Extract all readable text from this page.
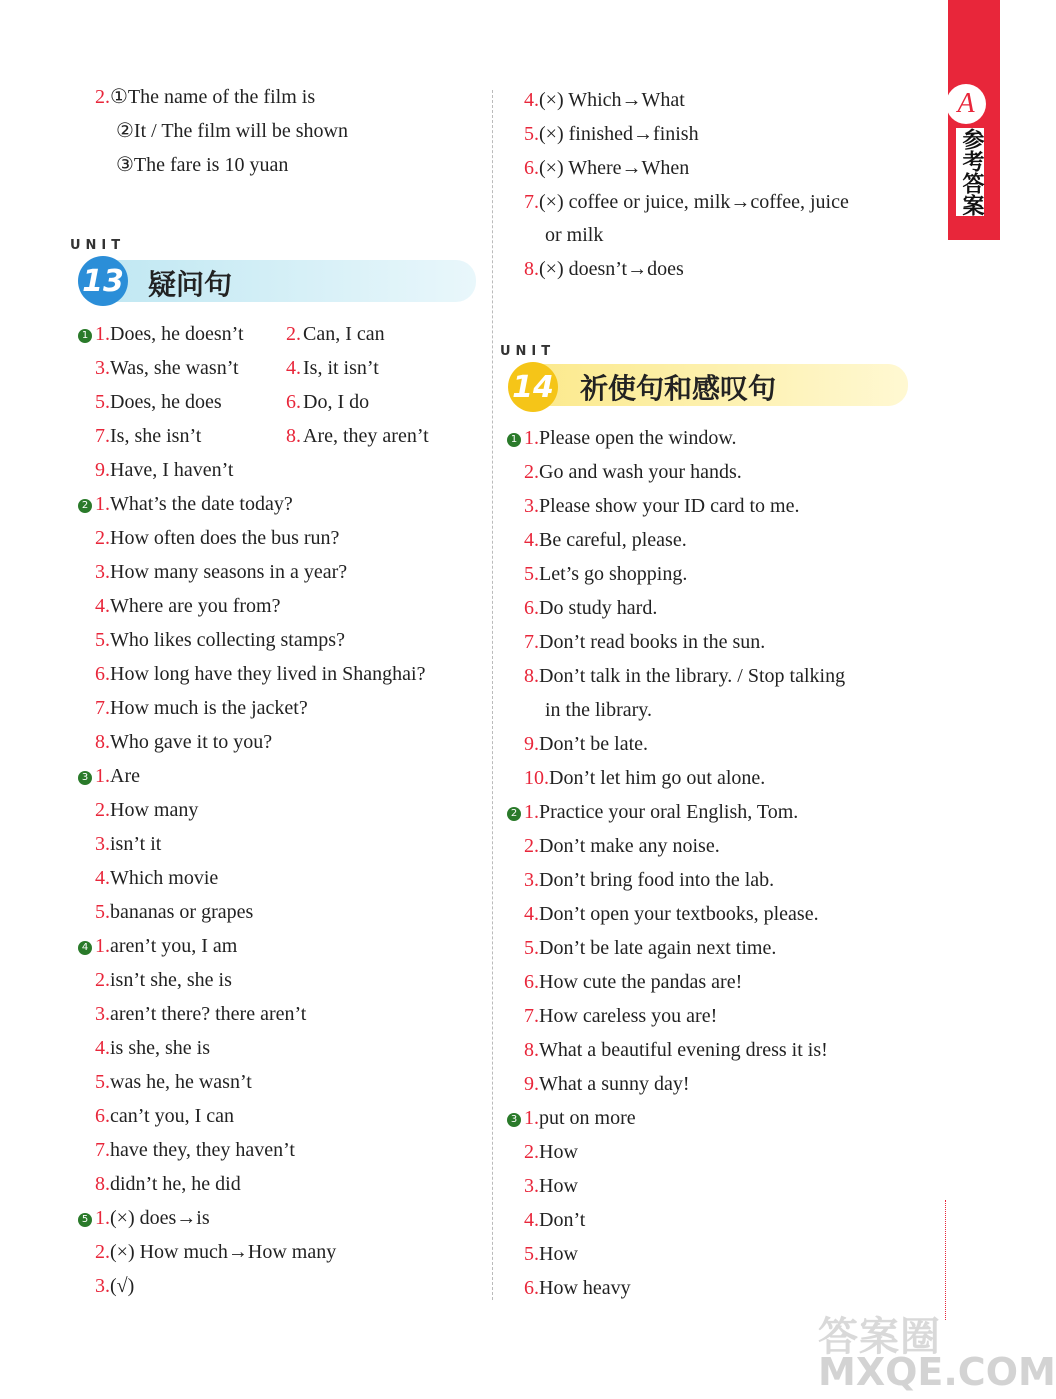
A
参考答案
13
UNIT
疑问句
14
UNIT
祈使句和感叹句
答案圈
MXQE.COM
2.①The name of the film is
②It / The film will be shown
③The fare is 10 yuan
1 1.Does, he doesn’t 2. Can, I can
3.Was, she wasn’t 4. Is, it isn’t
5.Does, he does	6. Do, I do
7.Is, she isn’t	8. Are, they aren’t
9.Have, I haven’t
2 1.What’s the date today?
2.How often does the bus run?
3.How many seasons in a year?
4.Where are you from?
5.Who likes collecting stamps?
6.How long have they lived in Shanghai?
7.How much is the jacket?
8.Who gave it to you?
3 1.Are
2.How many
3.isn’t it
4.Which movie
5.bananas or grapes
4 1.aren’t you, I am
2.isn’t she, she is
3.aren’t there? there aren’t
4.is she, she is
5.was he, he wasn’t
6.can’t you, I can
7.have they, they haven’t
8.didn’t he, he did
5 1.(×) does→is
2.(×) How much→How many
3.(√)
4.(×) Which→What
5.(×) finished→finish
6.(×) Where→When
7.(×) coffee or juice, milk→coffee, juice
or milk
8.(×) doesn’t→does
1 1.Please open the window.
2.Go and wash your hands.
3.Please show your ID card to me.
4.Be careful, please.
5.Let’s go shopping.
6.Do study hard.
7.Don’t read books in the sun.
8.Don’t talk in the library. / Stop talking
in the library.
9.Don’t be late.
10.Don’t let him go out alone.
2 1.Practice your oral English, Tom.
2.Don’t make any noise.
3.Don’t bring food into the lab.
4.Don’t open your textbooks, please.
5.Don’t be late again next time.
6.How cute the pandas are!
7.How careless you are!
8.What a beautiful evening dress it is!
9.What a sunny day!
3 1.put on more
2.How
3.How
4.Don’t
5.How
6.How heavy
